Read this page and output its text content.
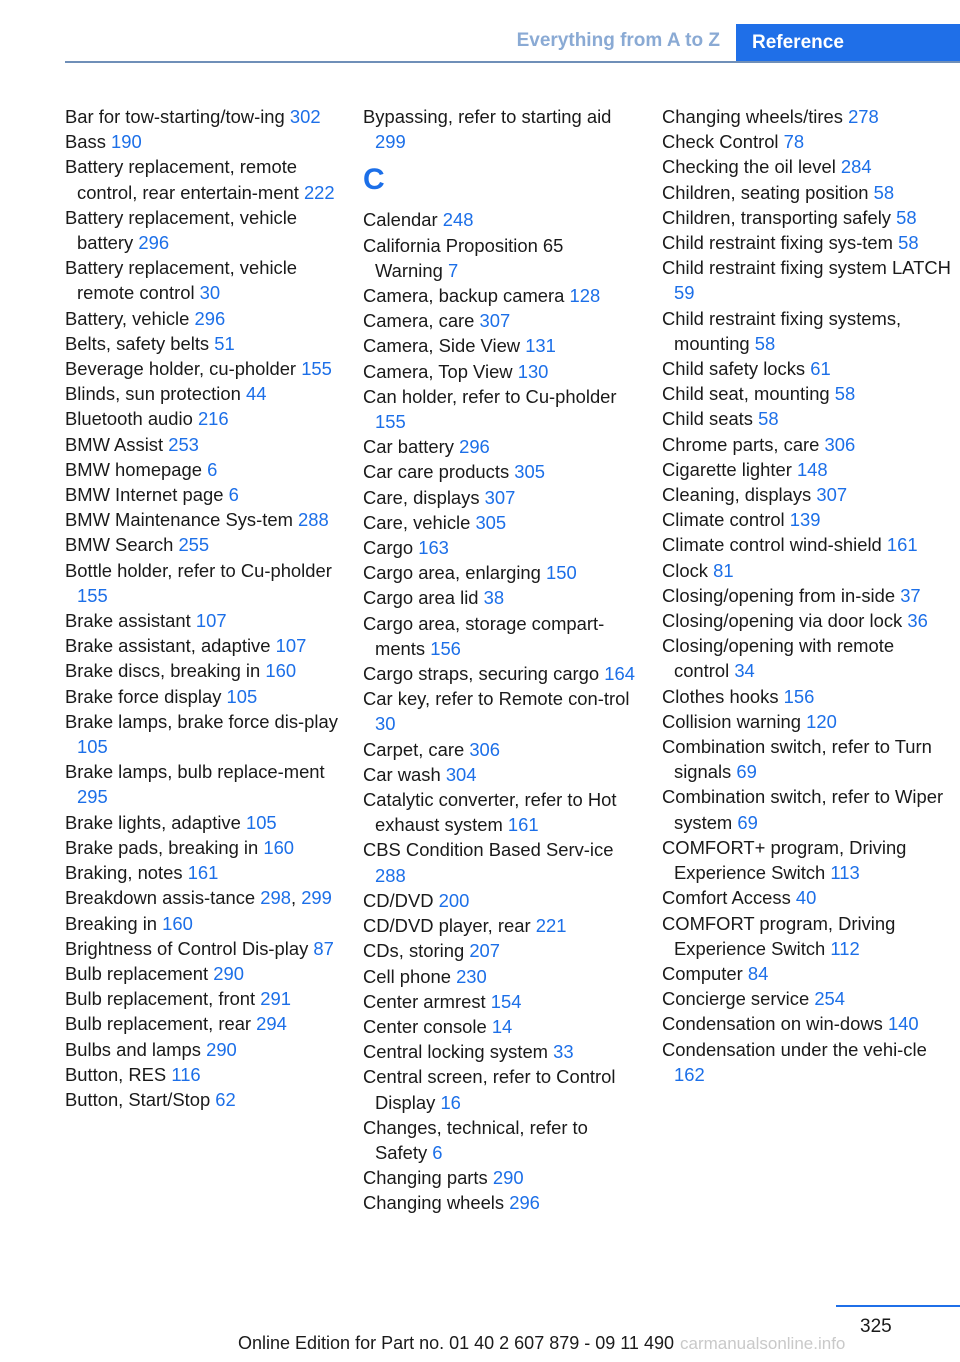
Everything from A to Z	Reference

Bar for tow-starting/tow-ing 302

Bass 190

Battery replacement, remote control, rear entertain-ment 222

Battery replacement, vehicle battery 296

Battery replacement, vehicle remote control 30

Battery, vehicle 296

Belts, safety belts 51

Beverage holder, cu-pholder 155

Blinds, sun protection 44

Bluetooth audio 216

BMW Assist 253

BMW homepage 6

BMW Internet page 6

BMW Maintenance Sys-tem 288

BMW Search 255

Bottle holder, refer to Cu-pholder 155

Brake assistant 107

Brake assistant, adaptive 107

Brake discs, breaking in 160

Brake force display 105

Brake lamps, brake force dis-play 105

Brake lamps, bulb replace-ment 295

Brake lights, adaptive 105

Brake pads, breaking in 160

Braking, notes 161

Breakdown assis-tance 298, 299

Breaking in 160

Brightness of Control Dis-play 87

Bulb replacement 290

Bulb replacement, front 291

Bulb replacement, rear 294

Bulbs and lamps 290

Button, RES 116

Button, Start/Stop 62

Bypassing, refer to starting aid 299

C

Calendar 248

California Proposition 65 Warning 7

Camera, backup camera 128

Camera, care 307

Camera, Side View 131

Camera, Top View 130

Can holder, refer to Cu-pholder 155

Car battery 296

Car care products 305

Care, displays 307

Care, vehicle 305

Cargo 163

Cargo area, enlarging 150

Cargo area lid 38

Cargo area, storage compart-ments 156

Cargo straps, securing cargo 164

Car key, refer to Remote con-trol 30

Carpet, care 306

Car wash 304

Catalytic converter, refer to Hot exhaust system 161

CBS Condition Based Serv-ice 288

CD/DVD 200

CD/DVD player, rear 221

CDs, storing 207

Cell phone 230

Center armrest 154

Center console 14

Central locking system 33

Central screen, refer to Control Display 16

Changes, technical, refer to Safety 6

Changing parts 290

Changing wheels 296

Changing wheels/tires 278

Check Control 78

Checking the oil level 284

Children, seating position 58

Children, transporting safely 58

Child restraint fixing sys-tem 58

Child restraint fixing system LATCH 59

Child restraint fixing systems, mounting 58

Child safety locks 61

Child seat, mounting 58

Child seats 58

Chrome parts, care 306

Cigarette lighter 148

Cleaning, displays 307

Climate control 139

Climate control wind-shield 161

Clock 81

Closing/opening from in-side 37

Closing/opening via door lock 36

Closing/opening with remote control 34

Clothes hooks 156

Collision warning 120

Combination switch, refer to Turn signals 69

Combination switch, refer to Wiper system 69

COMFORT+ program, Driving Experience Switch 113

Comfort Access 40

COMFORT program, Driving Experience Switch 112

Computer 84

Concierge service 254

Condensation on win-dows 140

Condensation under the vehi-cle 162

325
Online Edition for Part no. 01 40 2 607 879 - 09 11 490 carmanualsonline.info
